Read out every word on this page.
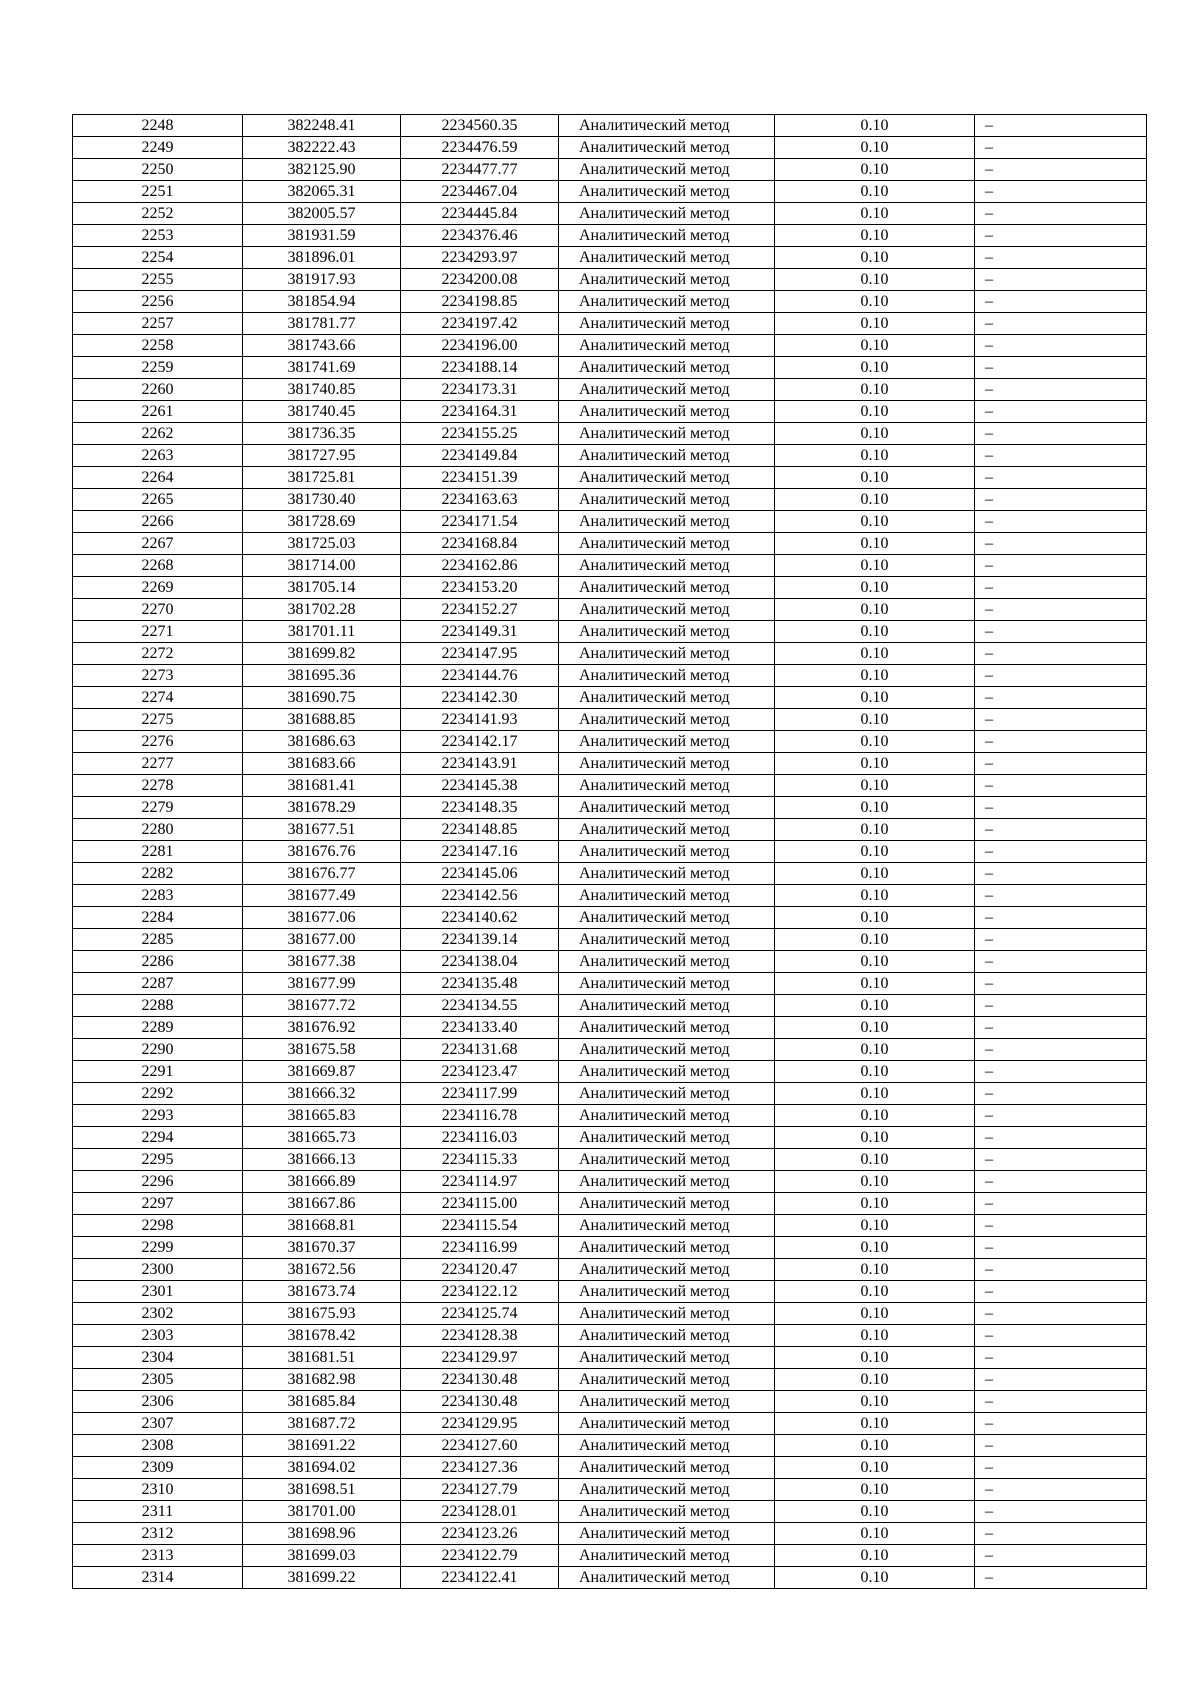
2248	382248.41	2234560.35	Аналитический метод	0.10	–
2249	382222.43	2234476.59	Аналитический метод	0.10	–
2250	382125.90	2234477.77	Аналитический метод	0.10	–
2251	382065.31	2234467.04	Аналитический метод	0.10	–
2252	382005.57	2234445.84	Аналитический метод	0.10	–
2253	381931.59	2234376.46	Аналитический метод	0.10	–
2254	381896.01	2234293.97	Аналитический метод	0.10	–
2255	381917.93	2234200.08	Аналитический метод	0.10	–
2256	381854.94	2234198.85	Аналитический метод	0.10	–
2257	381781.77	2234197.42	Аналитический метод	0.10	–
2258	381743.66	2234196.00	Аналитический метод	0.10	–
2259	381741.69	2234188.14	Аналитический метод	0.10	–
2260	381740.85	2234173.31	Аналитический метод	0.10	–
2261	381740.45	2234164.31	Аналитический метод	0.10	–
2262	381736.35	2234155.25	Аналитический метод	0.10	–
2263	381727.95	2234149.84	Аналитический метод	0.10	–
2264	381725.81	2234151.39	Аналитический метод	0.10	–
2265	381730.40	2234163.63	Аналитический метод	0.10	–
2266	381728.69	2234171.54	Аналитический метод	0.10	–
2267	381725.03	2234168.84	Аналитический метод	0.10	–
2268	381714.00	2234162.86	Аналитический метод	0.10	–
2269	381705.14	2234153.20	Аналитический метод	0.10	–
2270	381702.28	2234152.27	Аналитический метод	0.10	–
2271	381701.11	2234149.31	Аналитический метод	0.10	–
2272	381699.82	2234147.95	Аналитический метод	0.10	–
2273	381695.36	2234144.76	Аналитический метод	0.10	–
2274	381690.75	2234142.30	Аналитический метод	0.10	–
2275	381688.85	2234141.93	Аналитический метод	0.10	–
2276	381686.63	2234142.17	Аналитический метод	0.10	–
2277	381683.66	2234143.91	Аналитический метод	0.10	–
2278	381681.41	2234145.38	Аналитический метод	0.10	–
2279	381678.29	2234148.35	Аналитический метод	0.10	–
2280	381677.51	2234148.85	Аналитический метод	0.10	–
2281	381676.76	2234147.16	Аналитический метод	0.10	–
2282	381676.77	2234145.06	Аналитический метод	0.10	–
2283	381677.49	2234142.56	Аналитический метод	0.10	–
2284	381677.06	2234140.62	Аналитический метод	0.10	–
2285	381677.00	2234139.14	Аналитический метод	0.10	–
2286	381677.38	2234138.04	Аналитический метод	0.10	–
2287	381677.99	2234135.48	Аналитический метод	0.10	–
2288	381677.72	2234134.55	Аналитический метод	0.10	–
2289	381676.92	2234133.40	Аналитический метод	0.10	–
2290	381675.58	2234131.68	Аналитический метод	0.10	–
2291	381669.87	2234123.47	Аналитический метод	0.10	–
2292	381666.32	2234117.99	Аналитический метод	0.10	–
2293	381665.83	2234116.78	Аналитический метод	0.10	–
2294	381665.73	2234116.03	Аналитический метод	0.10	–
2295	381666.13	2234115.33	Аналитический метод	0.10	–
2296	381666.89	2234114.97	Аналитический метод	0.10	–
2297	381667.86	2234115.00	Аналитический метод	0.10	–
2298	381668.81	2234115.54	Аналитический метод	0.10	–
2299	381670.37	2234116.99	Аналитический метод	0.10	–
2300	381672.56	2234120.47	Аналитический метод	0.10	–
2301	381673.74	2234122.12	Аналитический метод	0.10	–
2302	381675.93	2234125.74	Аналитический метод	0.10	–
2303	381678.42	2234128.38	Аналитический метод	0.10	–
2304	381681.51	2234129.97	Аналитический метод	0.10	–
2305	381682.98	2234130.48	Аналитический метод	0.10	–
2306	381685.84	2234130.48	Аналитический метод	0.10	–
2307	381687.72	2234129.95	Аналитический метод	0.10	–
2308	381691.22	2234127.60	Аналитический метод	0.10	–
2309	381694.02	2234127.36	Аналитический метод	0.10	–
2310	381698.51	2234127.79	Аналитический метод	0.10	–
2311	381701.00	2234128.01	Аналитический метод	0.10	–
2312	381698.96	2234123.26	Аналитический метод	0.10	–
2313	381699.03	2234122.79	Аналитический метод	0.10	–
2314	381699.22	2234122.41	Аналитический метод	0.10	–
